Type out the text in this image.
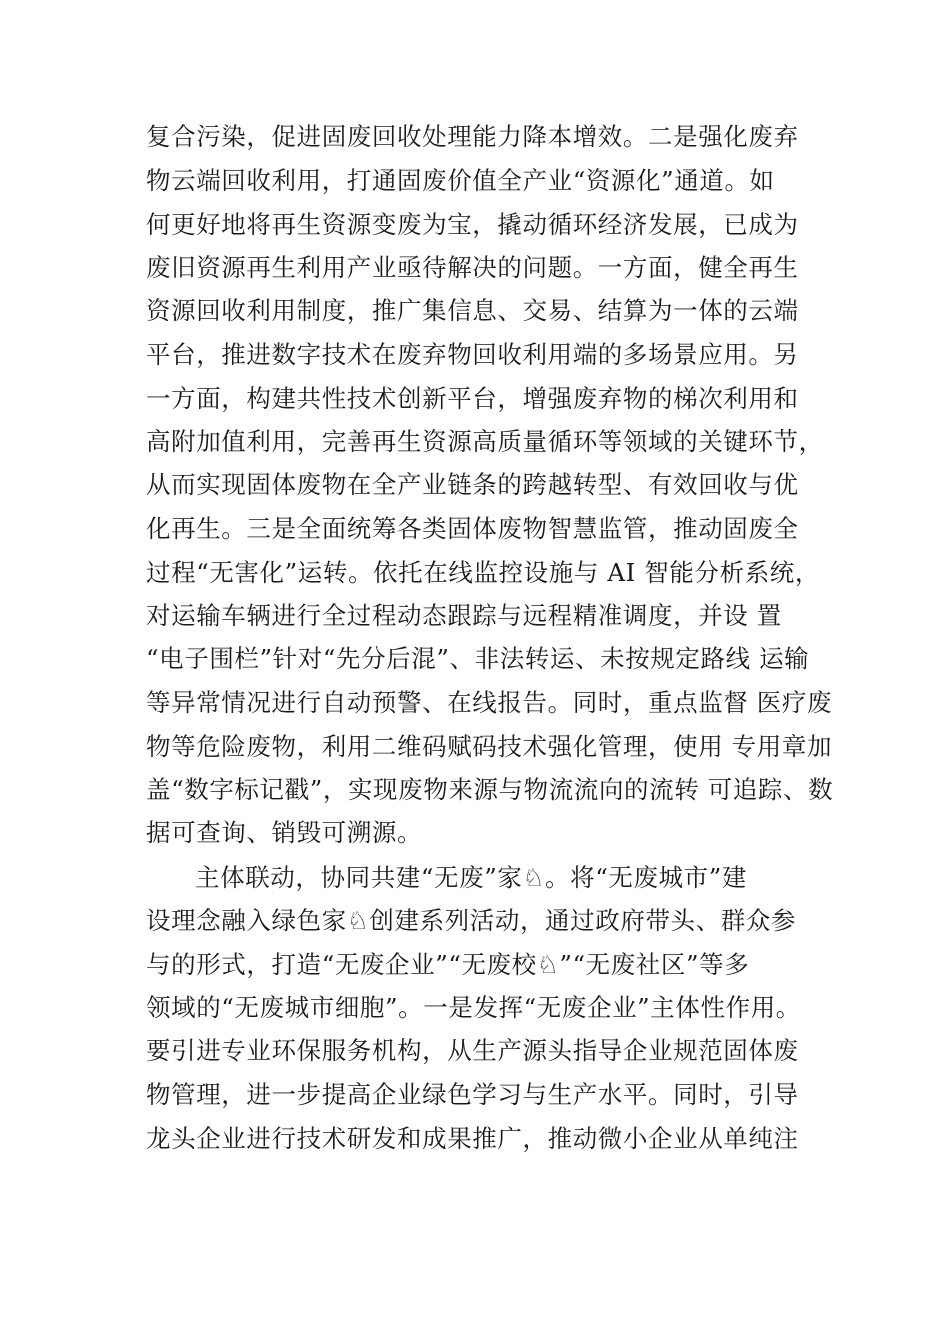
复合污染，促进固废回收处理能力降本增效。二是强化废弃
物云端回收利用，打通固废价值全产业“资源化”通道。如
何更好地将再生资源变废为宝，撬动循环经济发展，已成为
废旧资源再生利用产业亟待解决的问题。一方面，健全再生
资源回收利用制度，推广集信息、交易、结算为一体的云端
平台，推进数字技术在废弃物回收利用端的多场景应用。另
一方面，构建共性技术创新平台，增强废弃物的梯次利用和
高附加值利用，完善再生资源高质量循环等领域的关键环节，
从而实现固体废物在全产业链条的跨越转型、有效回收与优
化再生。三是全面统筹各类固体废物智慧监管，推动固废全
过程“无害化”运转。依托在线监控设施与 AI 智能分析系统，
对运输车辆进行全过程动态跟踪与远程精准调度，并设 置
“电子围栏”针对“先分后混”、非法转运、未按规定路线 运输
等异常情况进行自动预警、在线报告。同时，重点监督 医疗废
物等危险废物，利用二维码赋码技术强化管理，使用 专用章加
盖“数字标记戳”，实现废物来源与物流流向的流转 可追踪、数
据可查询、销毁可溯源。
主体联动，协同共建“无废”家♘。将“无废城市”建
设理念融入绿色家♘创建系列活动，通过政府带头、群众参
与的形式，打造“无废企业”“无废校♘”“无废社区”等多
领域的“无废城市细胞”。一是发挥“无废企业”主体性作用。
要引进专业环保服务机构，从生产源头指导企业规范固体废
物管理，进一步提高企业绿色学习与生产水平。同时，引导
龙头企业进行技术研发和成果推广，推动微小企业从单纯注
